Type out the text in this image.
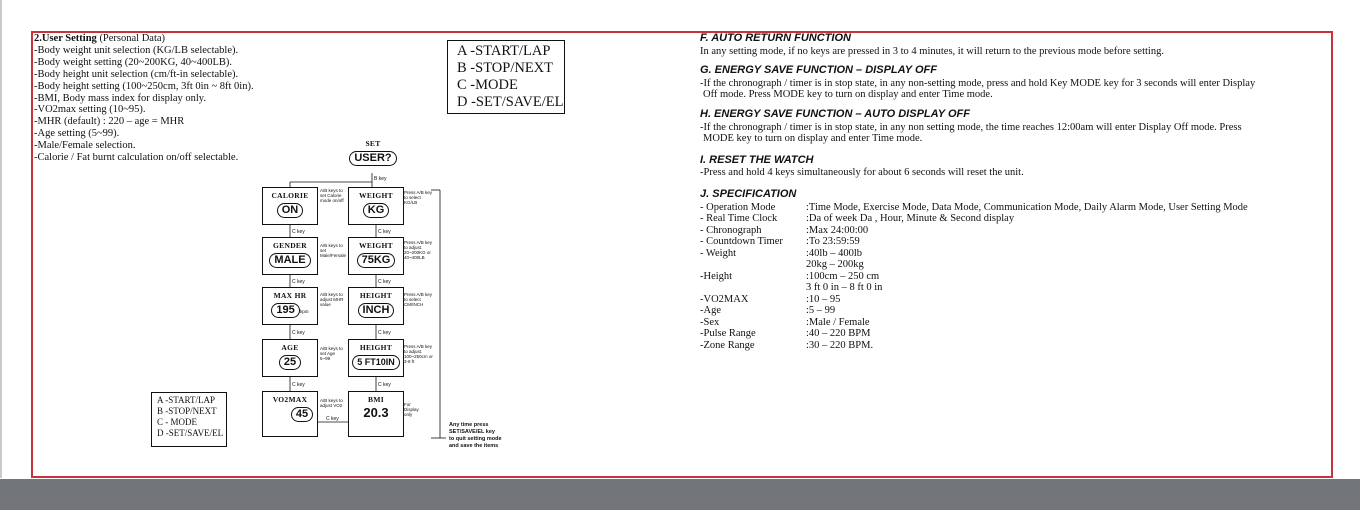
2.User Setting (Personal Data)
-Body weight unit selection (KG/LB selectable).
-Body weight setting (20~200KG, 40~400LB).
-Body height unit selection (cm/ft-in selectable).
-Body height setting (100~250cm, 3ft 0in ~ 8ft 0in).
-BMI, Body mass index for display only.
-VO2max setting (10~95).
-MHR (default) : 220 – age = MHR
-Age setting (5~99).
-Male/Female selection.
-Calorie / Fat burnt calculation on/off selectable.
A -START/LAP
B -STOP/NEXT
C -MODE
D -SET/SAVE/EL
SET
USER?
CALORIE
ON
GENDER
MALE
MAX HR
195 bpm
AGE
25
VO2MAX
45
WEIGHT
KG
WEIGHT
75KG
HEIGHT
INCH
HEIGHT
5 FT10IN
BMI
20.3
B key
C key
C key
C key
C key
C key
C key
C key
C key
C key
A/B keys to set Calorie mode on/off
A/B keys to set Male/Female
A/B keys to adjust MHR value
A/B keys to set Age 5~99
A/B keys to adjust VO2
Press A/B key to select KG/LB
Press A/B key to adjust. 20~200KG or 40~400LB
Press A/B key to select CM/INCH
Press A/B key to adjust. 100~250cm or 3-8 ft
For Display only
Any time press
SET/SAVE/EL key
to quit setting mode
and save the items
A -START/LAP
B -STOP/NEXT
C - MODE
D -SET/SAVE/EL
F. AUTO RETURN FUNCTION
In any setting mode, if no keys are pressed in 3 to 4 minutes, it will return to the previous mode before setting.
G. ENERGY SAVE FUNCTION – DISPLAY OFF
-If the chronograph / timer is in stop state, in any non-setting mode, press and hold Key MODE key for 3 seconds will enter Display
Off mode. Press MODE key to turn on display and enter Time mode.
H. ENERGY SAVE FUNCTION – AUTO DISPLAY OFF
-If the chronograph / timer is in stop state, in any non setting mode, the time reaches 12:00am will enter Display Off mode. Press
MODE key to turn on display and enter Time mode.
I. RESET THE WATCH
-Press and hold 4 keys simultaneously for about 6 seconds will reset the unit.
J. SPECIFICATION
- Operation Mode	:Time Mode, Exercise Mode, Data Mode, Communication Mode, Daily Alarm Mode, User Setting Mode
- Real Time Clock	:Da of week Da , Hour, Minute & Second display
- Chronograph	:Max 24:00:00
- Countdown Timer :To 23:59:59
- Weight	:40lb – 400lb
20kg – 200kg
-Height	:100cm – 250 cm
3 ft 0 in – 8 ft 0 in
-VO2MAX	:10 – 95
-Age	:5 – 99
-Sex	:Male / Female
-Pulse Range	:40 – 220 BPM
-Zone Range	:30 – 220 BPM.
